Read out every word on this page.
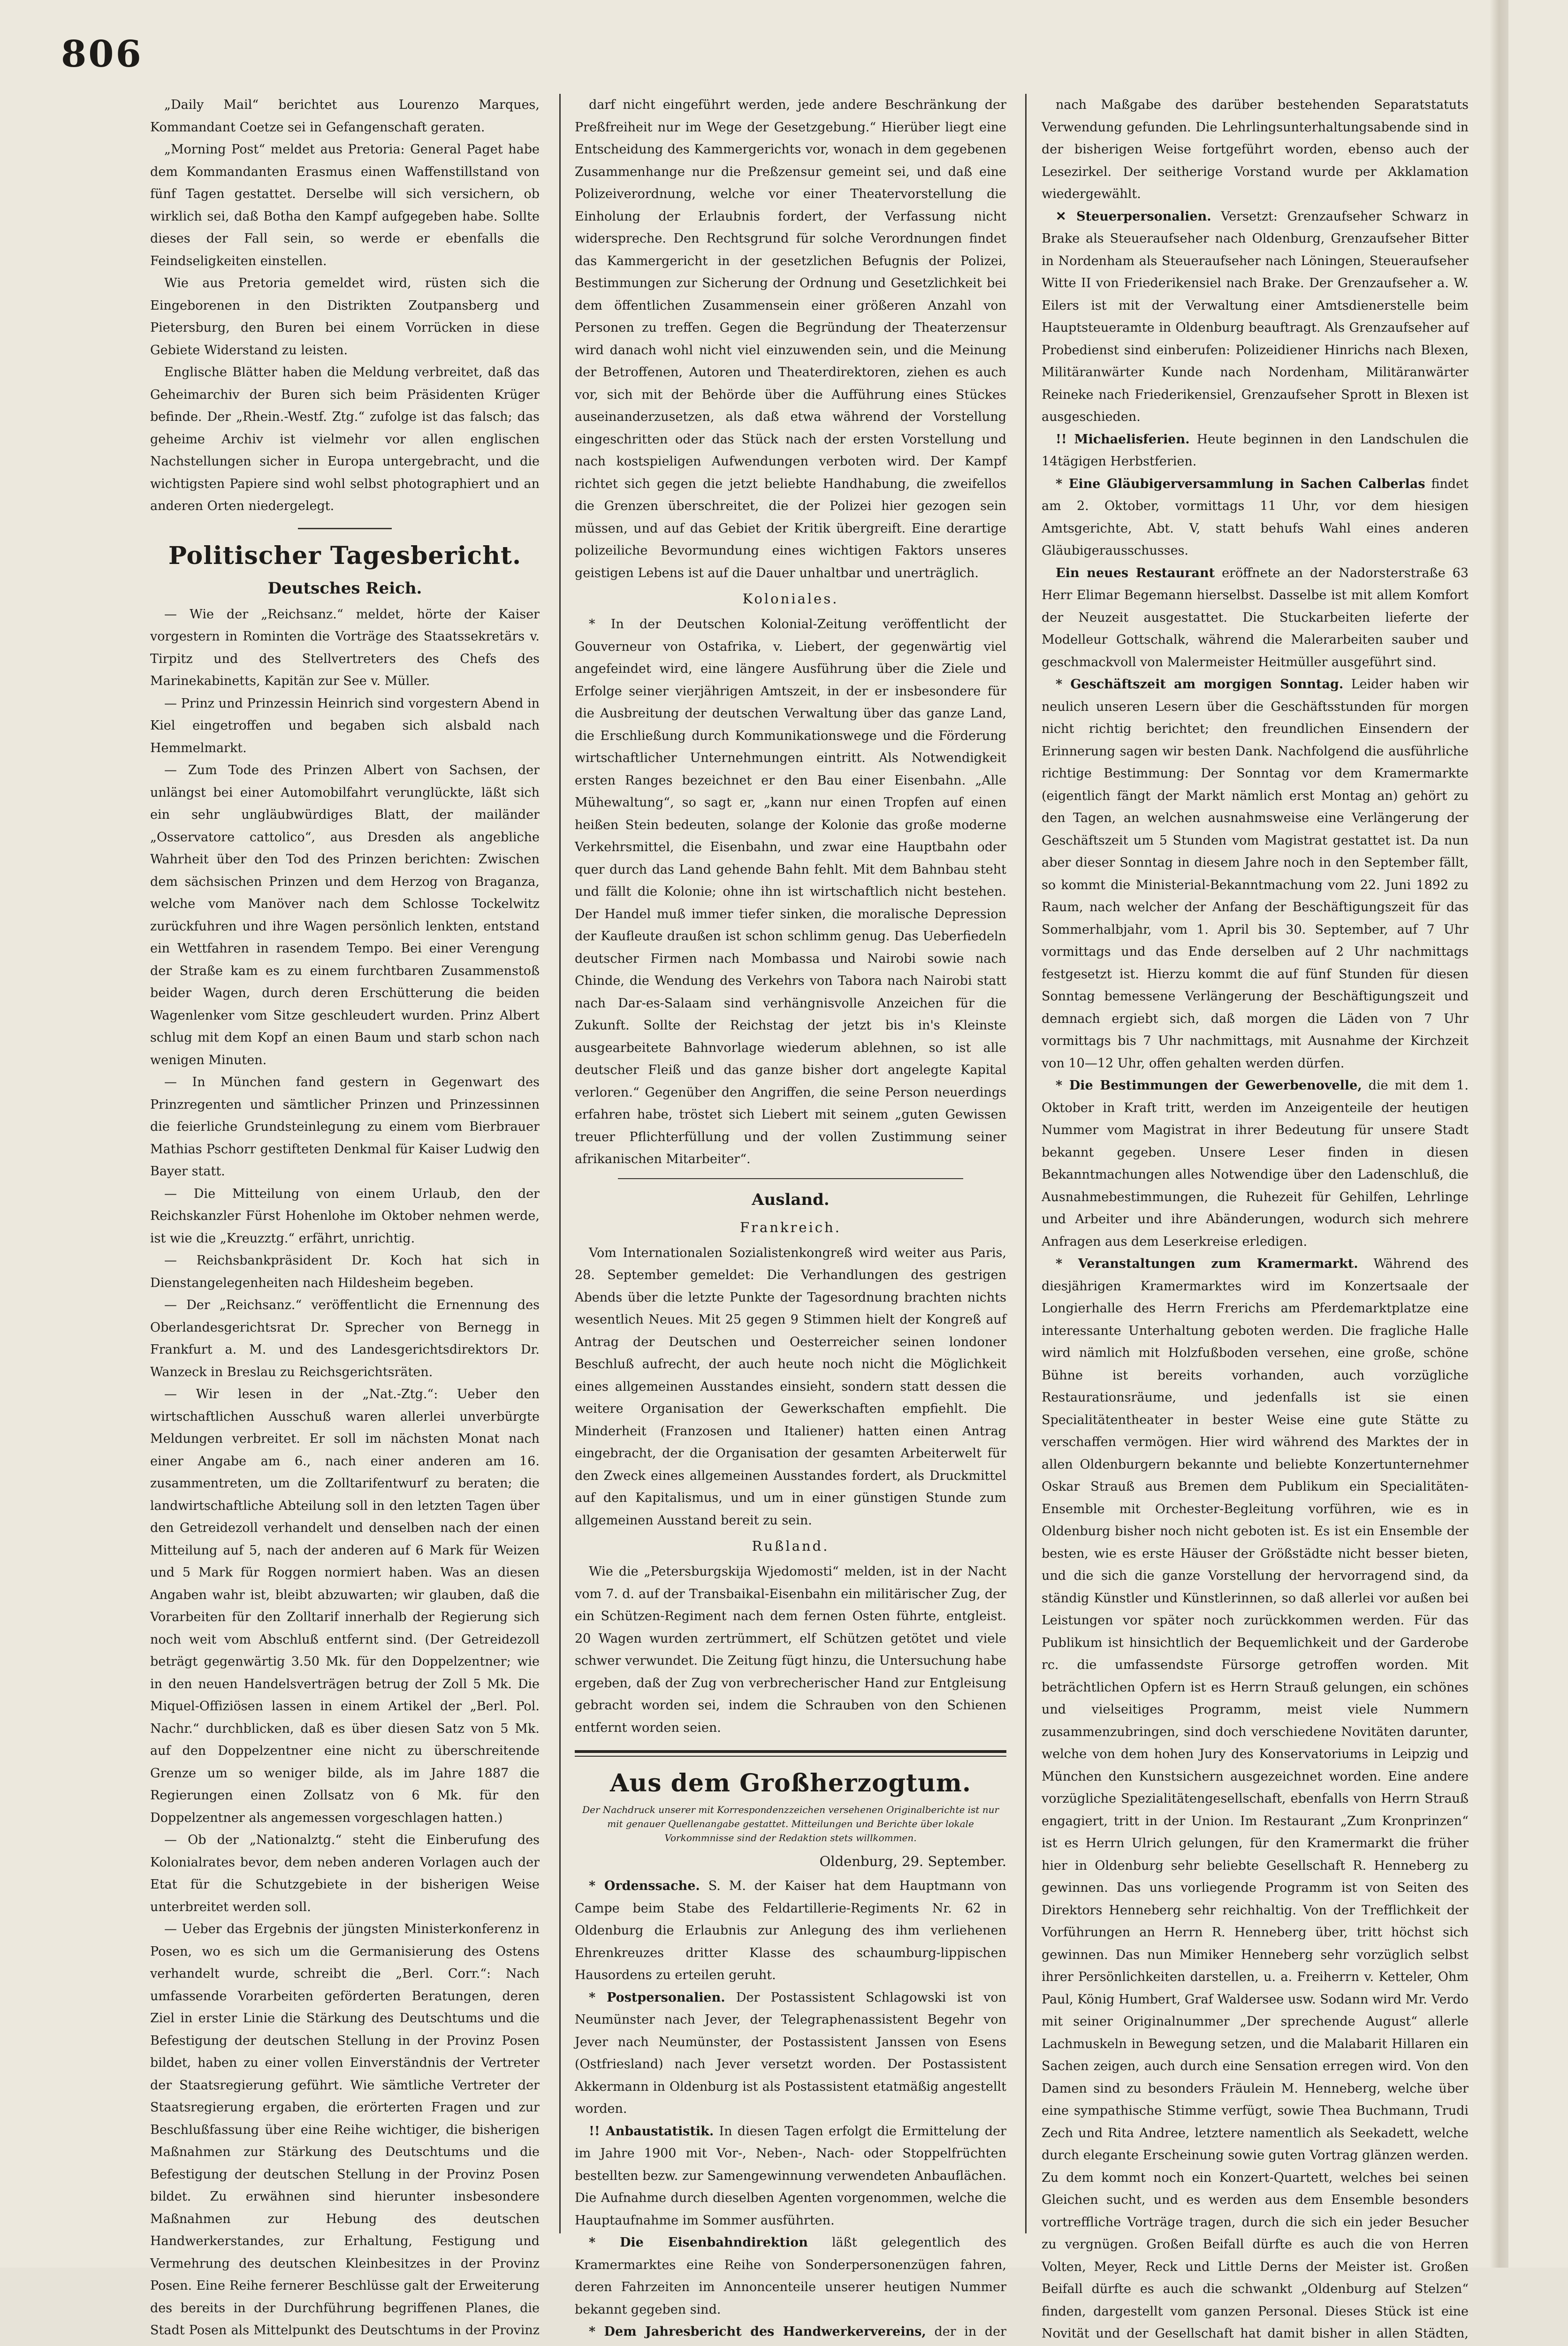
806

„Daily Mail“ berichtet aus Lourenzo Marques, Kommandant Coetze sei in Gefangenschaft geraten.

„Morning Post“ meldet aus Pretoria: General Paget habe dem Kommandanten Erasmus einen Waffenstillstand von fünf Tagen gestattet. Derselbe will sich versichern, ob wirklich sei, daß Botha den Kampf aufgegeben habe. Sollte dieses der Fall sein, so werde er ebenfalls die Feindseligkeiten einstellen.

Wie aus Pretoria gemeldet wird, rüsten sich die Eingeborenen in den Distrikten Zoutpansberg und Pietersburg, den Buren bei einem Vorrücken in diese Gebiete Widerstand zu leisten.

Englische Blätter haben die Meldung verbreitet, daß das Geheimarchiv der Buren sich beim Präsidenten Krüger befinde. Der „Rhein.-Westf. Ztg.“ zufolge ist das falsch; das geheime Archiv ist vielmehr vor allen englischen Nachstellungen sicher in Europa untergebracht, und die wichtigsten Papiere sind wohl selbst photographiert und an anderen Orten niedergelegt.

Politischer Tagesbericht.
Deutsches Reich.

— Wie der „Reichsanz.“ meldet, hörte der Kaiser vorgestern in Rominten die Vorträge des Staatssekretärs v. Tirpitz und des Stellvertreters des Chefs des Marinekabinetts, Kapitän zur See v. Müller.

— Prinz und Prinzessin Heinrich sind vorgestern Abend in Kiel eingetroffen und begaben sich alsbald nach Hemmelmarkt.

— Zum Tode des Prinzen Albert von Sachsen, der unlängst bei einer Automobilfahrt verunglückte, läßt sich ein sehr ungläubwürdiges Blatt, der mailänder „Osservatore cattolico“, aus Dresden als angebliche Wahrheit über den Tod des Prinzen berichten: Zwischen dem sächsischen Prinzen und dem Herzog von Braganza, welche vom Manöver nach dem Schlosse Tockelwitz zurückfuhren und ihre Wagen persönlich lenkten, entstand ein Wettfahren in rasendem Tempo. Bei einer Verengung der Straße kam es zu einem furchtbaren Zusammenstoß beider Wagen, durch deren Erschütterung die beiden Wagenlenker vom Sitze geschleudert wurden. Prinz Albert schlug mit dem Kopf an einen Baum und starb schon nach wenigen Minuten.

— In München fand gestern in Gegenwart des Prinzregenten und sämtlicher Prinzen und Prinzessinnen die feierliche Grundsteinlegung zu einem vom Bierbrauer Mathias Pschorr gestifteten Denkmal für Kaiser Ludwig den Bayer statt.

— Die Mitteilung von einem Urlaub, den der Reichskanzler Fürst Hohenlohe im Oktober nehmen werde, ist wie die „Kreuzztg.“ erfährt, unrichtig.

— Reichsbankpräsident Dr. Koch hat sich in Dienstangelegenheiten nach Hildesheim begeben.

— Der „Reichsanz.“ veröffentlicht die Ernennung des Oberlandesgerichtsrat Dr. Sprecher von Bernegg in Frankfurt a. M. und des Landesgerichtsdirektors Dr. Wanzeck in Breslau zu Reichsgerichtsräten.

— Wir lesen in der „Nat.-Ztg.“: Ueber den wirtschaftlichen Ausschuß waren allerlei unverbürgte Meldungen verbreitet. Er soll im nächsten Monat nach einer Angabe am 6., nach einer anderen am 16. zusammentreten, um die Zolltarifentwurf zu beraten; die landwirtschaftliche Abteilung soll in den letzten Tagen über den Getreidezoll verhandelt und denselben nach der einen Mitteilung auf 5, nach der anderen auf 6 Mark für Weizen und 5 Mark für Roggen normiert haben. Was an diesen Angaben wahr ist, bleibt abzuwarten; wir glauben, daß die Vorarbeiten für den Zolltarif innerhalb der Regierung sich noch weit vom Abschluß entfernt sind. (Der Getreidezoll beträgt gegenwärtig 3.50 Mk. für den Doppelzentner; wie in den neuen Handelsverträgen betrug der Zoll 5 Mk. Die Miquel-Offiziösen lassen in einem Artikel der „Berl. Pol. Nachr.“ durchblicken, daß es über diesen Satz von 5 Mk. auf den Doppelzentner eine nicht zu überschreitende Grenze um so weniger bilde, als im Jahre 1887 die Regierungen einen Zollsatz von 6 Mk. für den Doppelzentner als angemessen vorgeschlagen hatten.)

— Ob der „Nationalztg.“ steht die Einberufung des Kolonialrates bevor, dem neben anderen Vorlagen auch der Etat für die Schutzgebiete in der bisherigen Weise unterbreitet werden soll.

— Ueber das Ergebnis der jüngsten Ministerkonferenz in Posen, wo es sich um die Germanisierung des Ostens verhandelt wurde, schreibt die „Berl. Corr.“: Nach umfassende Vorarbeiten geförderten Beratungen, deren Ziel in erster Linie die Stärkung des Deutschtums und die Befestigung der deutschen Stellung in der Provinz Posen bildet, haben zu einer vollen Einverständnis der Vertreter der Staatsregierung geführt. Wie sämtliche Vertreter der Staatsregierung ergaben, die erörterten Fragen und zur Beschlußfassung über eine Reihe wichtiger, die bisherigen Maßnahmen zur Stärkung des Deutschtums und die Befestigung der deutschen Stellung in der Provinz Posen bildet. Zu erwähnen sind hierunter insbesondere Maßnahmen zur Hebung des deutschen Handwerkerstandes, zur Erhaltung, Festigung und Vermehrung des deutschen Kleinbesitzes in der Provinz Posen. Eine Reihe fernerer Beschlüsse galt der Erweiterung des bereits in der Durchführung begriffenen Planes, die Stadt Posen als Mittelpunkt des Deutschtums in der Provinz

darf nicht eingeführt werden, jede andere Beschränkung der Preßfreiheit nur im Wege der Gesetzgebung.“ Hierüber liegt eine Entscheidung des Kammergerichts vor, wonach in dem gegebenen Zusammenhange nur die Preßzensur gemeint sei, und daß eine Polizeiverordnung, welche vor einer Theatervorstellung die Einholung der Erlaubnis fordert, der Verfassung nicht widerspreche. Den Rechtsgrund für solche Verordnungen findet das Kammergericht in der gesetzlichen Befugnis der Polizei, Bestimmungen zur Sicherung der Ordnung und Gesetzlichkeit bei dem öffentlichen Zusammensein einer größeren Anzahl von Personen zu treffen. Gegen die Begründung der Theaterzensur wird danach wohl nicht viel einzuwenden sein, und die Meinung der Betroffenen, Autoren und Theaterdirektoren, ziehen es auch vor, sich mit der Behörde über die Aufführung eines Stückes auseinanderzusetzen, als daß etwa während der Vorstellung eingeschritten oder das Stück nach der ersten Vorstellung und nach kostspieligen Aufwendungen verboten wird. Der Kampf richtet sich gegen die jetzt beliebte Handhabung, die zweifellos die Grenzen überschreitet, die der Polizei hier gezogen sein müssen, und auf das Gebiet der Kritik übergreift. Eine derartige polizeiliche Bevormundung eines wichtigen Faktors unseres geistigen Lebens ist auf die Dauer unhaltbar und unerträglich.

Koloniales.

* In der Deutschen Kolonial-Zeitung veröffentlicht der Gouverneur von Ostafrika, v. Liebert, der gegenwärtig viel angefeindet wird, eine längere Ausführung über die Ziele und Erfolge seiner vierjährigen Amtszeit, in der er insbesondere für die Ausbreitung der deutschen Verwaltung über das ganze Land, die Erschließung durch Kommunikationswege und die Förderung wirtschaftlicher Unternehmungen eintritt. Als Notwendigkeit ersten Ranges bezeichnet er den Bau einer Eisenbahn. „Alle Mühewaltung“, so sagt er, „kann nur einen Tropfen auf einen heißen Stein bedeuten, solange der Kolonie das große moderne Verkehrsmittel, die Eisenbahn, und zwar eine Hauptbahn oder quer durch das Land gehende Bahn fehlt. Mit dem Bahnbau steht und fällt die Kolonie; ohne ihn ist wirtschaftlich nicht bestehen. Der Handel muß immer tiefer sinken, die moralische Depression der Kaufleute draußen ist schon schlimm genug. Das Ueberfiedeln deutscher Firmen nach Mombassa und Nairobi sowie nach Chinde, die Wendung des Verkehrs von Tabora nach Nairobi statt nach Dar-es-Salaam sind verhängnisvolle Anzeichen für die Zukunft. Sollte der Reichstag der jetzt bis in's Kleinste ausgearbeitete Bahnvorlage wiederum ablehnen, so ist alle deutscher Fleiß und das ganze bisher dort angelegte Kapital verloren.“ Gegenüber den Angriffen, die seine Person neuerdings erfahren habe, tröstet sich Liebert mit seinem „guten Gewissen treuer Pflichterfüllung und der vollen Zustimmung seiner afrikanischen Mitarbeiter“.

Ausland.
Frankreich.

Vom Internationalen Sozialistenkongreß wird weiter aus Paris, 28. September gemeldet: Die Verhandlungen des gestrigen Abends über die letzte Punkte der Tagesordnung brachten nichts wesentlich Neues. Mit 25 gegen 9 Stimmen hielt der Kongreß auf Antrag der Deutschen und Oesterreicher seinen londoner Beschluß aufrecht, der auch heute noch nicht die Möglichkeit eines allgemeinen Ausstandes einsieht, sondern statt dessen die weitere Organisation der Gewerkschaften empfiehlt. Die Minderheit (Franzosen und Italiener) hatten einen Antrag eingebracht, der die Organisation der gesamten Arbeiterwelt für den Zweck eines allgemeinen Ausstandes fordert, als Druckmittel auf den Kapitalismus, und um in einer günstigen Stunde zum allgemeinen Ausstand bereit zu sein.

Rußland.

Wie die „Petersburgskija Wjedomosti“ melden, ist in der Nacht vom 7. d. auf der Transbaikal-Eisenbahn ein militärischer Zug, der ein Schützen-Regiment nach dem fernen Osten führte, entgleist. 20 Wagen wurden zertrümmert, elf Schützen getötet und viele schwer verwundet. Die Zeitung fügt hinzu, die Untersuchung habe ergeben, daß der Zug von verbrecherischer Hand zur Entgleisung gebracht worden sei, indem die Schrauben von den Schienen entfernt worden seien.

Aus dem Großherzogtum.
Der Nachdruck unserer mit Korrespondenzzeichen versehenen Originalberichte ist nur mit genauer Quellenangabe gestattet. Mitteilungen und Berichte über lokale Vorkommnisse sind der Redaktion stets willkommen.
Oldenburg, 29. September.

* Ordenssache. S. M. der Kaiser hat dem Hauptmann von Campe beim Stabe des Feldartillerie-Regiments Nr. 62 in Oldenburg die Erlaubnis zur Anlegung des ihm verliehenen Ehrenkreuzes dritter Klasse des schaumburg-lippischen Hausordens zu erteilen geruht.

* Postpersonalien. Der Postassistent Schlagowski ist von Neumünster nach Jever, der Telegraphenassistent Begehr von Jever nach Neumünster, der Postassistent Janssen von Esens (Ostfriesland) nach Jever versetzt worden. Der Postassistent Akkermann in Oldenburg ist als Postassistent etatmäßig angestellt worden.

!! Anbaustatistik. In diesen Tagen erfolgt die Ermittelung der im Jahre 1900 mit Vor-, Neben-, Nach- oder Stoppelfrüchten bestellten bezw. zur Samengewinnung verwendeten Anbauflächen. Die Aufnahme durch dieselben Agenten vorgenommen, welche die Hauptaufnahme im Sommer ausführten.

* Die Eisenbahndirektion läßt gelegentlich des Kramermarktes eine Reihe von Sonderpersonenzügen fahren, deren Fahrzeiten im Annoncenteile unserer heutigen Nummer bekannt gegeben sind.

* Dem Jahresbericht des Handwerkervereins, der in der

nach Maßgabe des darüber bestehenden Separatstatuts Verwendung gefunden. Die Lehrlingsunterhaltungsabende sind in der bisherigen Weise fortgeführt worden, ebenso auch der Lesezirkel. Der seitherige Vorstand wurde per Akklamation wiedergewählt.

✕ Steuerpersonalien. Versetzt: Grenzaufseher Schwarz in Brake als Steueraufseher nach Oldenburg, Grenzaufseher Bitter in Nordenham als Steueraufseher nach Löningen, Steueraufseher Witte II von Friederikensiel nach Brake. Der Grenzaufseher a. W. Eilers ist mit der Verwaltung einer Amtsdienerstelle beim Hauptsteueramte in Oldenburg beauftragt. Als Grenzaufseher auf Probedienst sind einberufen: Polizeidiener Hinrichs nach Blexen, Militäranwärter Kunde nach Nordenham, Militäranwärter Reineke nach Friederikensiel, Grenzaufseher Sprott in Blexen ist ausgeschieden.

!! Michaelisferien. Heute beginnen in den Landschulen die 14tägigen Herbstferien.

* Eine Gläubigerversammlung in Sachen Calberlas findet am 2. Oktober, vormittags 11 Uhr, vor dem hiesigen Amtsgerichte, Abt. V, statt behufs Wahl eines anderen Gläubigerausschusses.

Ein neues Restaurant eröffnete an der Nadorsterstraße 63 Herr Elimar Begemann hierselbst. Dasselbe ist mit allem Komfort der Neuzeit ausgestattet. Die Stuckarbeiten lieferte der Modelleur Gottschalk, während die Malerarbeiten sauber und geschmackvoll von Malermeister Heitmüller ausgeführt sind.

* Geschäftszeit am morgigen Sonntag. Leider haben wir neulich unseren Lesern über die Geschäftsstunden für morgen nicht richtig berichtet; den freundlichen Einsendern der Erinnerung sagen wir besten Dank. Nachfolgend die ausführliche richtige Bestimmung: Der Sonntag vor dem Kramermarkte (eigentlich fängt der Markt nämlich erst Montag an) gehört zu den Tagen, an welchen ausnahmsweise eine Verlängerung der Geschäftszeit um 5 Stunden vom Magistrat gestattet ist. Da nun aber dieser Sonntag in diesem Jahre noch in den September fällt, so kommt die Ministerial-Bekanntmachung vom 22. Juni 1892 zu Raum, nach welcher der Anfang der Beschäftigungszeit für das Sommerhalbjahr, vom 1. April bis 30. September, auf 7 Uhr vormittags und das Ende derselben auf 2 Uhr nachmittags festgesetzt ist. Hierzu kommt die auf fünf Stunden für diesen Sonntag bemessene Verlängerung der Beschäftigungszeit und demnach ergiebt sich, daß morgen die Läden von 7 Uhr vormittags bis 7 Uhr nachmittags, mit Ausnahme der Kirchzeit von 10—12 Uhr, offen gehalten werden dürfen.

* Die Bestimmungen der Gewerbenovelle, die mit dem 1. Oktober in Kraft tritt, werden im Anzeigenteile der heutigen Nummer vom Magistrat in ihrer Bedeutung für unsere Stadt bekannt gegeben. Unsere Leser finden in diesen Bekanntmachungen alles Notwendige über den Ladenschluß, die Ausnahmebestimmungen, die Ruhezeit für Gehilfen, Lehrlinge und Arbeiter und ihre Abänderungen, wodurch sich mehrere Anfragen aus dem Leserkreise erledigen.

* Veranstaltungen zum Kramermarkt. Während des diesjährigen Kramermarktes wird im Konzertsaale der Longierhalle des Herrn Frerichs am Pferdemarktplatze eine interessante Unterhaltung geboten werden. Die fragliche Halle wird nämlich mit Holzfußboden versehen, eine große, schöne Bühne ist bereits vorhanden, auch vorzügliche Restaurationsräume, und jedenfalls ist sie einen Specialitätentheater in bester Weise eine gute Stätte zu verschaffen vermögen. Hier wird während des Marktes der in allen Oldenburgern bekannte und beliebte Konzertunternehmer Oskar Strauß aus Bremen dem Publikum ein Specialitäten-Ensemble mit Orchester-Begleitung vorführen, wie es in Oldenburg bisher noch nicht geboten ist. Es ist ein Ensemble der besten, wie es erste Häuser der Größstädte nicht besser bieten, und die sich die ganze Vorstellung der hervorragend sind, da ständig Künstler und Künstlerinnen, so daß allerlei vor außen bei Leistungen vor später noch zurückkommen werden. Für das Publikum ist hinsichtlich der Bequemlichkeit und der Garderobe rc. die umfassendste Fürsorge getroffen worden. Mit beträchtlichen Opfern ist es Herrn Strauß gelungen, ein schönes und vielseitiges Programm, meist viele Nummern zusammenzubringen, sind doch verschiedene Novitäten darunter, welche von dem hohen Jury des Konservatoriums in Leipzig und München den Kunstsichern ausgezeichnet worden. Eine andere vorzügliche Spezialitätengesellschaft, ebenfalls von Herrn Strauß engagiert, tritt in der Union. Im Restaurant „Zum Kronprinzen“ ist es Herrn Ulrich gelungen, für den Kramermarkt die früher hier in Oldenburg sehr beliebte Gesellschaft R. Henneberg zu gewinnen. Das uns vorliegende Programm ist von Seiten des Direktors Henneberg sehr reichhaltig. Von der Trefflichkeit der Vorführungen an Herrn R. Henneberg über, tritt höchst sich gewinnen. Das nun Mimiker Henneberg sehr vorzüglich selbst ihrer Persönlichkeiten darstellen, u. a. Freiherrn v. Ketteler, Ohm Paul, König Humbert, Graf Waldersee usw. Sodann wird Mr. Verdo mit seiner Originalnummer „Der sprechende August“ allerle Lachmuskeln in Bewegung setzen, und die Malabarit Hillaren ein Sachen zeigen, auch durch eine Sensation erregen wird. Von den Damen sind zu besonders Fräulein M. Henneberg, welche über eine sympathische Stimme verfügt, sowie Thea Buchmann, Trudi Zech und Rita Andree, letztere namentlich als Seekadett, welche durch elegante Erscheinung sowie guten Vortrag glänzen werden. Zu dem kommt noch ein Konzert-Quartett, welches bei seinen Gleichen sucht, und es werden aus dem Ensemble besonders vortreffliche Vorträge tragen, durch die sich ein jeder Besucher zu vergnügen. Großen Beifall dürfte es auch die von Herren Volten, Meyer, Reck und Little Derns der Meister ist. Großen Beifall dürfte es auch die schwankt „Oldenburg auf Stelzen“ finden, dargestellt vom ganzen Personal. Dieses Stück ist eine Novität und der Gesellschaft hat damit bisher in allen Städten,
